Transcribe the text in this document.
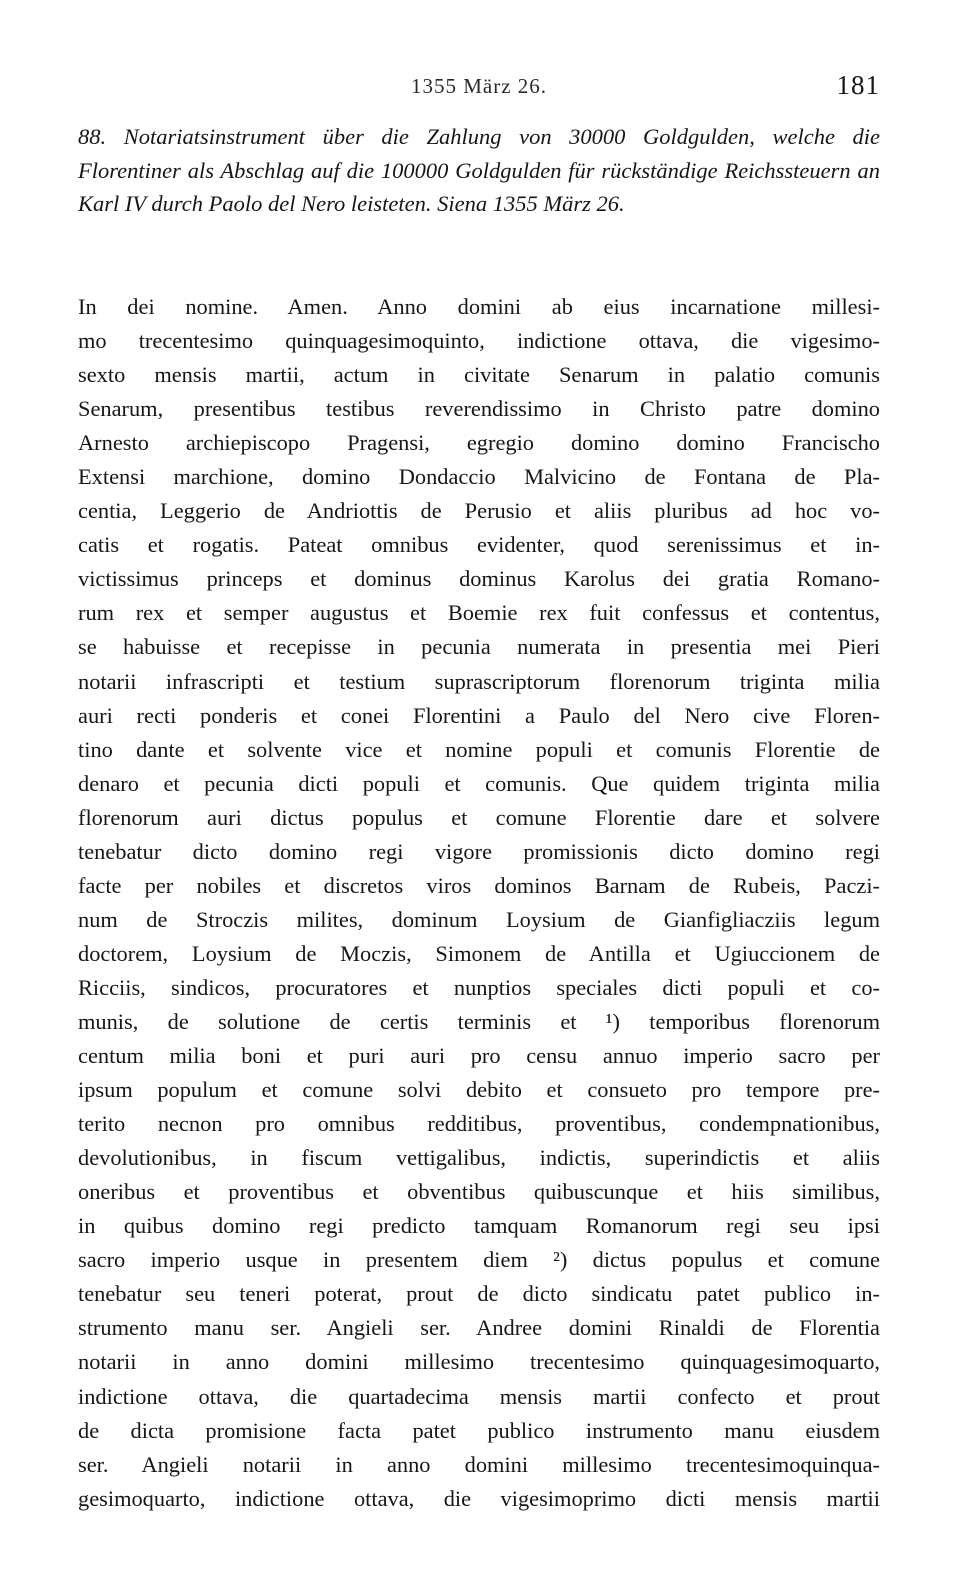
1355 März 26.	181
88. Notariatsinstrument über die Zahlung von 30000 Goldgulden, welche die Florentiner als Abschlag auf die 100000 Goldgulden für rückständige Reichssteuern an Karl IV durch Paolo del Nero leisteten. Siena 1355 März 26.
In dei nomine. Amen. Anno domini ab eius incarnatione millesi-
mo trecentesimo quinquagesimoquinto, indictione ottava, die vigesimo-
sexto mensis martii, actum in civitate Senarum in palatio comunis
Senarum, presentibus testibus reverendissimo in Christo patre domino
Arnesto archiepiscopo Pragensi, egregio domino domino Francischo
Extensi marchione, domino Dondaccio Malvicino de Fontana de Pla-
centia, Leggerio de Andriottis de Perusio et aliis pluribus ad hoc vo-
catis et rogatis. Pateat omnibus evidenter, quod serenissimus et in-
victissimus princeps et dominus dominus Karolus dei gratia Romano-
rum rex et semper augustus et Boemie rex fuit confessus et contentus,
se habuisse et recepisse in pecunia numerata in presentia mei Pieri
notarii infrascripti et testium suprascriptorum florenorum triginta milia
auri recti ponderis et conei Florentini a Paulo del Nero cive Floren-
tino dante et solvente vice et nomine populi et comunis Florentie de
denaro et pecunia dicti populi et comunis. Que quidem triginta milia
florenorum auri dictus populus et comune Florentie dare et solvere
tenebatur dicto domino regi vigore promissionis dicto domino regi
facte per nobiles et discretos viros dominos Barnam de Rubeis, Paczi-
num de Stroczis milites, dominum Loysium de Gianfigliacziis legum
doctorem, Loysium de Moczis, Simonem de Antilla et Ugiuccionem de
Ricciis, sindicos, procuratores et nunptios speciales dicti populi et co-
munis, de solutione de certis terminis et ¹) temporibus florenorum
centum milia boni et puri auri pro censu annuo imperio sacro per
ipsum populum et comune solvi debito et consueto pro tempore pre-
terito necnon pro omnibus redditibus, proventibus, condempnationibus,
devolutionibus, in fiscum vettigalibus, indictis, superindictis et aliis
oneribus et proventibus et obventibus quibuscunque et hiis similibus,
in quibus domino regi predicto tamquam Romanorum regi seu ipsi
sacro imperio usque in presentem diem ²) dictus populus et comune
tenebatur seu teneri poterat, prout de dicto sindicatu patet publico in-
strumento manu ser. Angieli ser. Andree domini Rinaldi de Florentia
notarii in anno domini millesimo trecentesimo quinquagesimoquarto,
indictione ottava, die quartadecima mensis martii confecto et prout
de dicta promisione facta patet publico instrumento manu eiusdem
ser. Angieli notarii in anno domini millesimo trecentesimoquinqua-
gesimoquarto, indictione ottava, die vigesimoprimo dicti mensis martii
